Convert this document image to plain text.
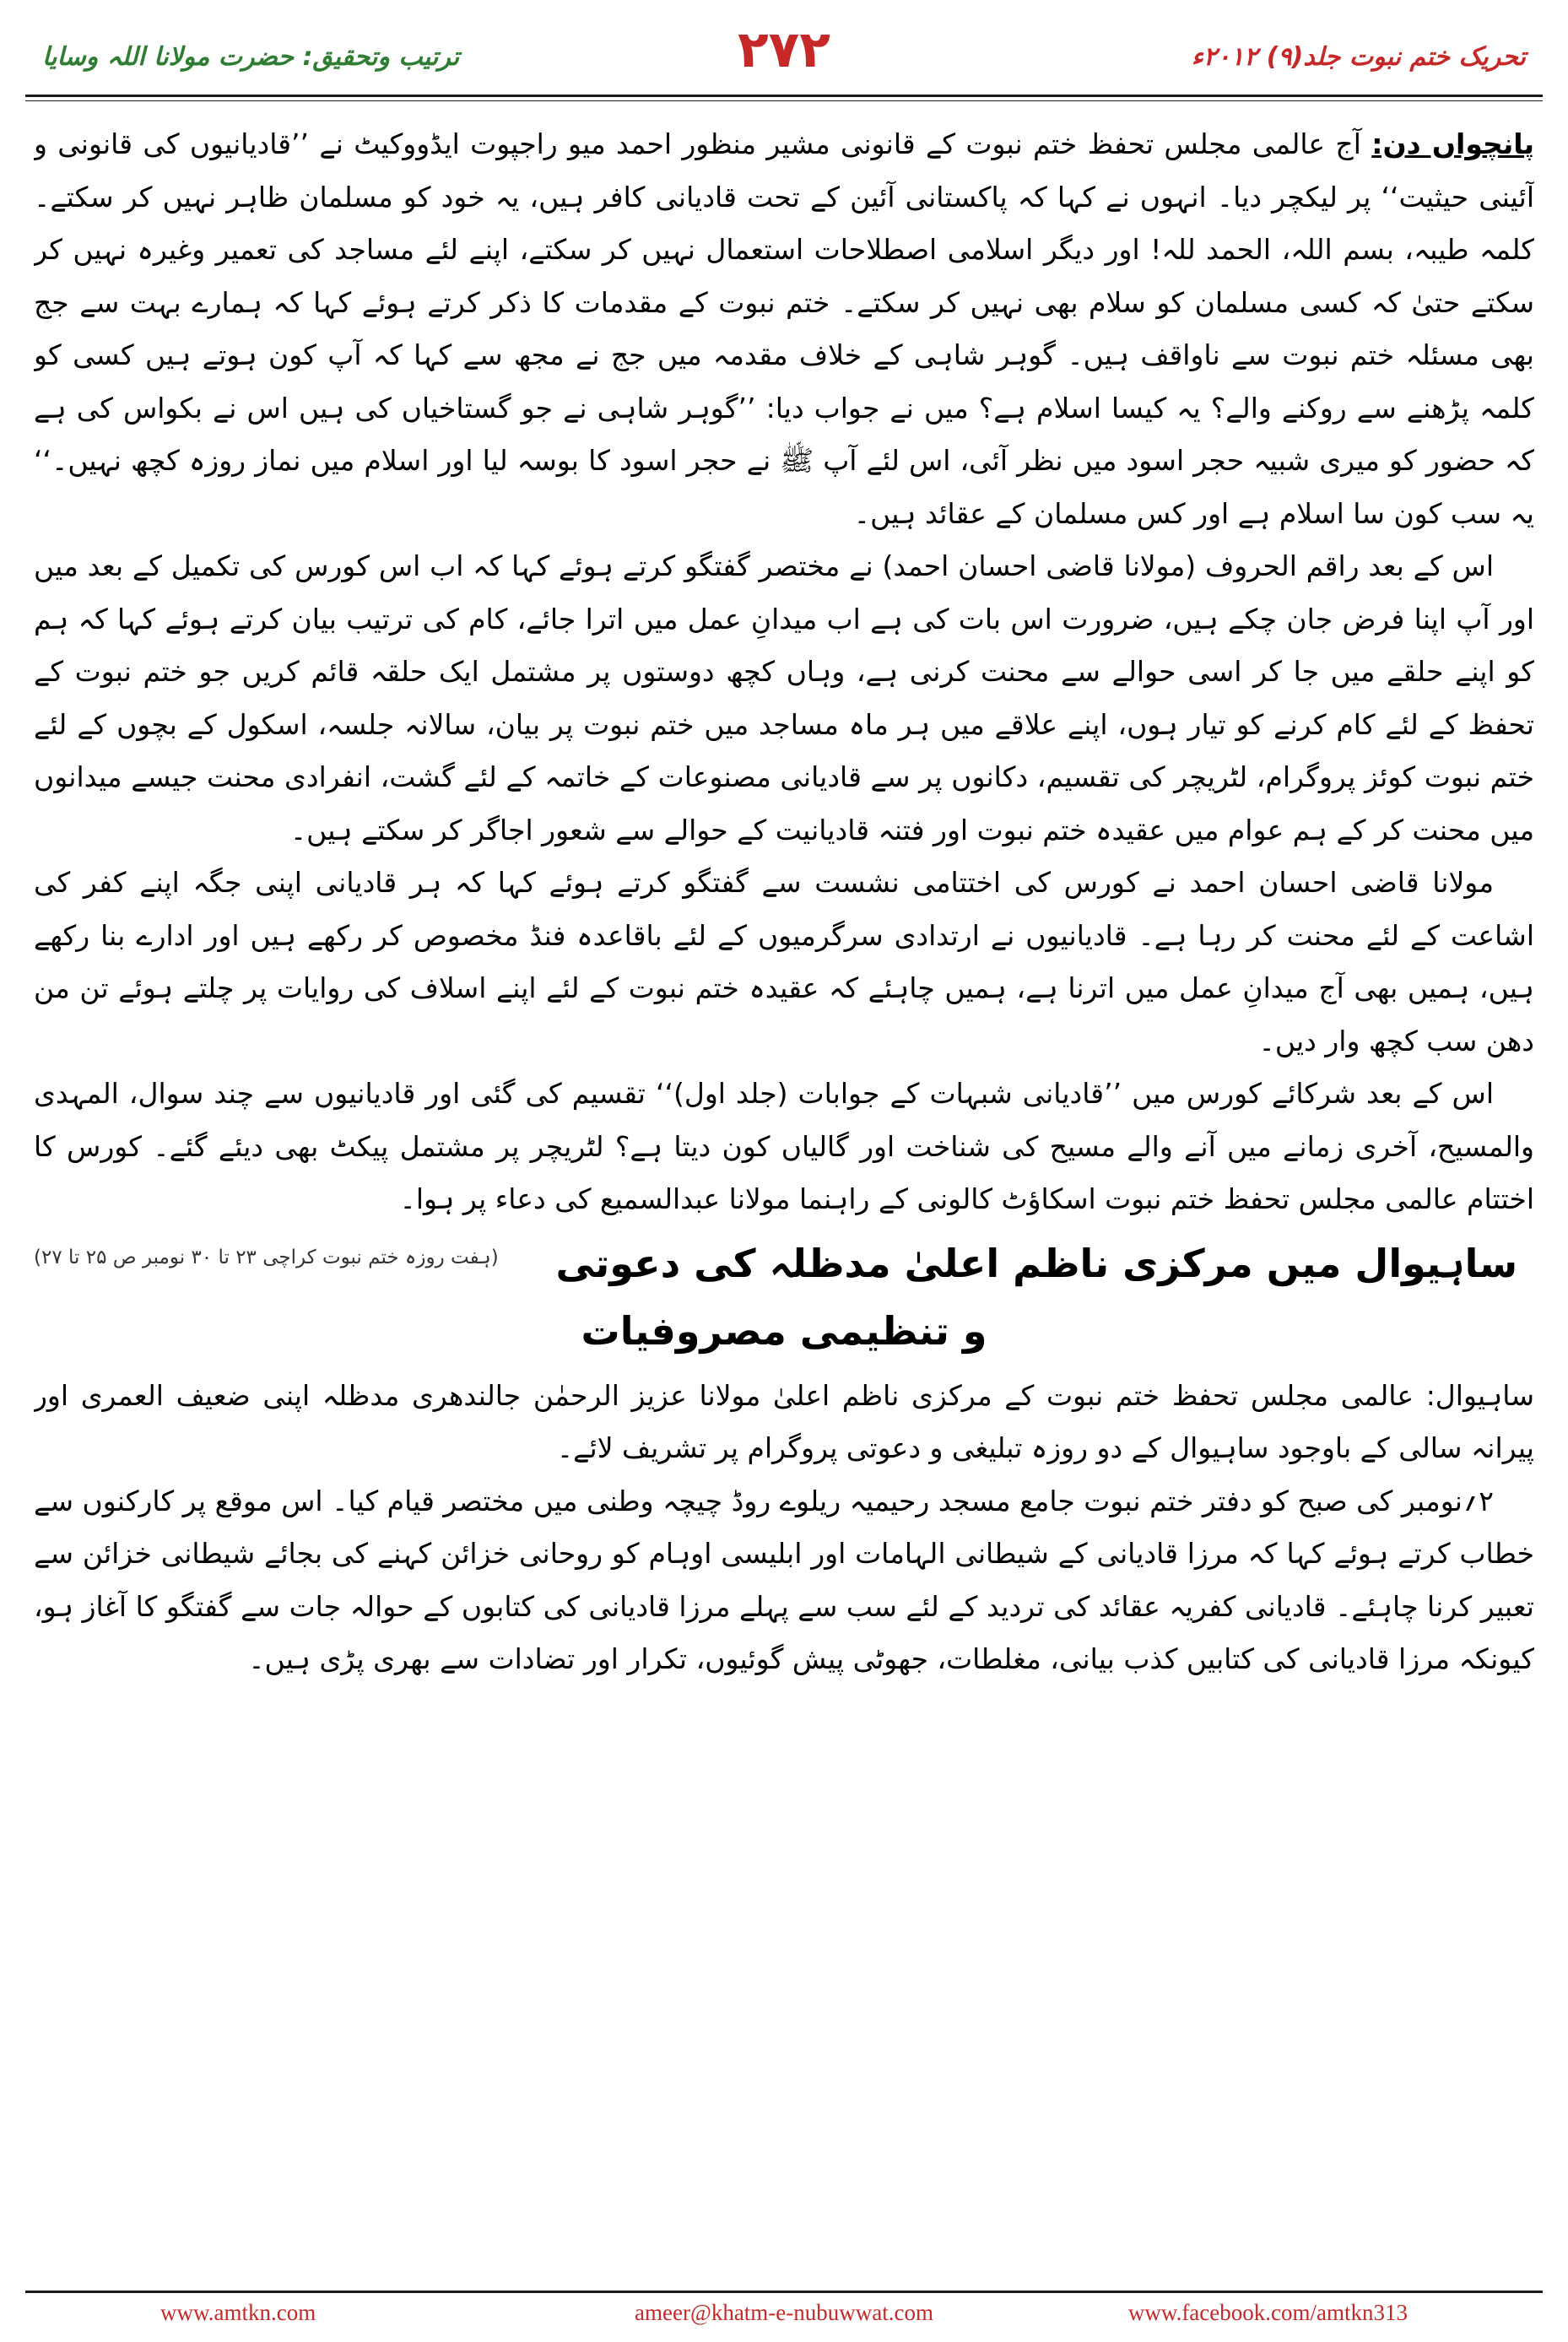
تحریک ختم نبوت جلد(۹) ۲۰۱۲ء
۲۷۲
ترتیب وتحقیق: حضرت مولانا اللہ وسایا

پانچواں دن: آج عالمی مجلس تحفظ ختم نبوت کے قانونی مشیر منظور احمد میو راجپوت ایڈووکیٹ نے ’’قادیانیوں کی قانونی و آئینی حیثیت‘‘ پر لیکچر دیا۔ انہوں نے کہا کہ پاکستانی آئین کے تحت قادیانی کافر ہیں، یہ خود کو مسلمان ظاہر نہیں کر سکتے۔ کلمہ طیبہ، بسم اللہ، الحمد للہ! اور دیگر اسلامی اصطلاحات استعمال نہیں کر سکتے، اپنے لئے مساجد کی تعمیر وغیرہ نہیں کر سکتے حتیٰ کہ کسی مسلمان کو سلام بھی نہیں کر سکتے۔ ختم نبوت کے مقدمات کا ذکر کرتے ہوئے کہا کہ ہمارے بہت سے جج بھی مسئلہ ختم نبوت سے ناواقف ہیں۔ گوہر شاہی کے خلاف مقدمہ میں جج نے مجھ سے کہا کہ آپ کون ہوتے ہیں کسی کو کلمہ پڑھنے سے روکنے والے؟ یہ کیسا اسلام ہے؟ میں نے جواب دیا: ’’گوہر شاہی نے جو گستاخیاں کی ہیں اس نے بکواس کی ہے کہ حضور کو میری شبیہ حجر اسود میں نظر آئی، اس لئے آپ ﷺ نے حجر اسود کا بوسہ لیا اور اسلام میں نماز روزہ کچھ نہیں۔‘‘ یہ سب کون سا اسلام ہے اور کس مسلمان کے عقائد ہیں۔

اس کے بعد راقم الحروف (مولانا قاضی احسان احمد) نے مختصر گفتگو کرتے ہوئے کہا کہ اب اس کورس کی تکمیل کے بعد میں اور آپ اپنا فرض جان چکے ہیں، ضرورت اس بات کی ہے اب میدانِ عمل میں اترا جائے، کام کی ترتیب بیان کرتے ہوئے کہا کہ ہم کو اپنے حلقے میں جا کر اسی حوالے سے محنت کرنی ہے، وہاں کچھ دوستوں پر مشتمل ایک حلقہ قائم کریں جو ختم نبوت کے تحفظ کے لئے کام کرنے کو تیار ہوں، اپنے علاقے میں ہر ماہ مساجد میں ختم نبوت پر بیان، سالانہ جلسہ، اسکول کے بچوں کے لئے ختم نبوت کوئز پروگرام، لٹریچر کی تقسیم، دکانوں پر سے قادیانی مصنوعات کے خاتمہ کے لئے گشت، انفرادی محنت جیسے میدانوں میں محنت کر کے ہم عوام میں عقیدہ ختم نبوت اور فتنہ قادیانیت کے حوالے سے شعور اجاگر کر سکتے ہیں۔

مولانا قاضی احسان احمد نے کورس کی اختتامی نشست سے گفتگو کرتے ہوئے کہا کہ ہر قادیانی اپنی جگہ اپنے کفر کی اشاعت کے لئے محنت کر رہا ہے۔ قادیانیوں نے ارتدادی سرگرمیوں کے لئے باقاعدہ فنڈ مخصوص کر رکھے ہیں اور ادارے بنا رکھے ہیں، ہمیں بھی آج میدانِ عمل میں اترنا ہے، ہمیں چاہئے کہ عقیدہ ختم نبوت کے لئے اپنے اسلاف کی روایات پر چلتے ہوئے تن من دھن سب کچھ وار دیں۔

اس کے بعد شرکائے کورس میں ’’قادیانی شبہات کے جوابات (جلد اول)‘‘ تقسیم کی گئی اور قادیانیوں سے چند سوال، المہدی والمسیح، آخری زمانے میں آنے والے مسیح کی شناخت اور گالیاں کون دیتا ہے؟ لٹریچر پر مشتمل پیکٹ بھی دیئے گئے۔ کورس کا اختتام عالمی مجلس تحفظ ختم نبوت اسکاؤٹ کالونی کے راہنما مولانا عبدالسمیع کی دعاء پر ہوا۔
(ہفت روزہ ختم نبوت کراچی ۲۳ تا ۳۰ نومبر ص ۲۵ تا ۲۷)	ساہیوال میں مرکزی ناظم اعلیٰ مدظلہ کی دعوتی و تنظیمی مصروفیات

ساہیوال: عالمی مجلس تحفظ ختم نبوت کے مرکزی ناظم اعلیٰ مولانا عزیز الرحمٰن جالندھری مدظلہ اپنی ضعیف العمری اور پیرانہ سالی کے باوجود ساہیوال کے دو روزہ تبلیغی و دعوتی پروگرام پر تشریف لائے۔

۲؍نومبر کی صبح کو دفتر ختم نبوت جامع مسجد رحیمیہ ریلوے روڈ چیچہ وطنی میں مختصر قیام کیا۔ اس موقع پر کارکنوں سے خطاب کرتے ہوئے کہا کہ مرزا قادیانی کے شیطانی الہامات اور ابلیسی اوہام کو روحانی خزائن کہنے کی بجائے شیطانی خزائن سے تعبیر کرنا چاہئے۔ قادیانی کفریہ عقائد کی تردید کے لئے سب سے پہلے مرزا قادیانی کی کتابوں کے حوالہ جات سے گفتگو کا آغاز ہو، کیونکہ مرزا قادیانی کی کتابیں کذب بیانی، مغلطات، جھوٹی پیش گوئیوں، تکرار اور تضادات سے بھری پڑی ہیں۔

www.amtkn.com	ameer@khatm-e-nubuwwat.com	www.facebook.com/amtkn313
